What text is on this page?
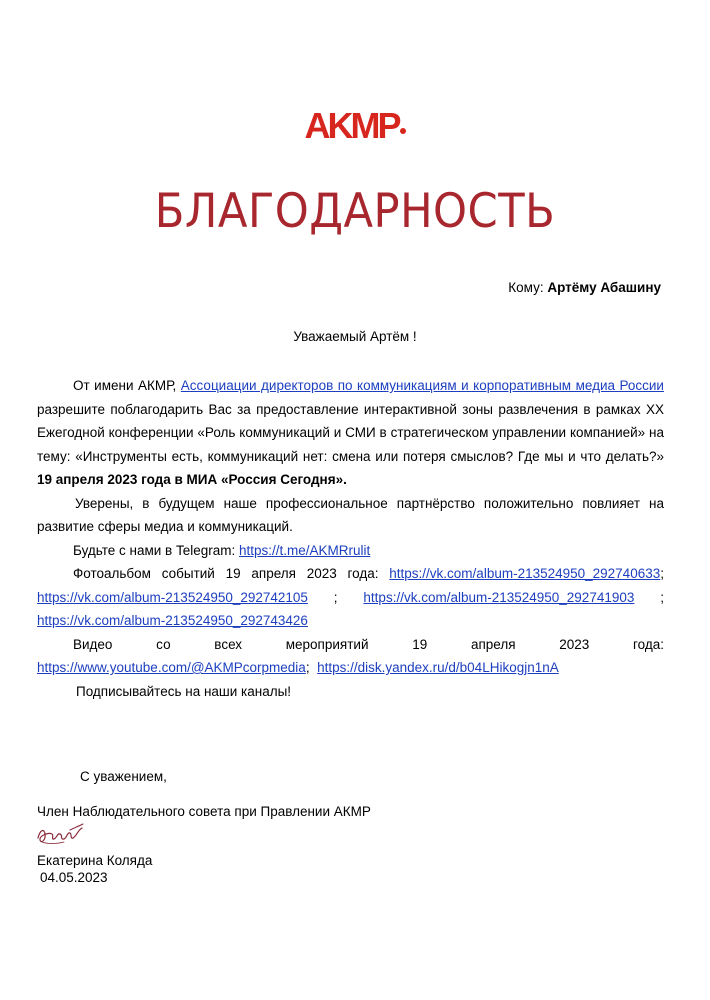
AKMP
БЛАГОДАРНОСТЬ
Кому: Артёму Абашину
Уважаемый Артём !

От имени АКМР, Ассоциации директоров по коммуникациям и корпоративным медиа России разрешите поблагодарить Вас за предоставление интерактивной зоны развлечения в рамках XX Ежегодной конференции «Роль коммуникаций и СМИ в стратегическом управлении компанией» на тему: «Инструменты есть, коммуникаций нет: смена или потеря смыслов? Где мы и что делать?» 19 апреля 2023 года в МИА «Россия Сегодня».

Уверены, в будущем наше профессиональное партнёрство положительно повлияет на развитие сферы медиа и коммуникаций.

Будьте с нами в Telegram: https://t.me/AKMRrulit

Фотоальбом событий 19 апреля 2023 года: https://vk.com/album-213524950_292740633; https://vk.com/album-213524950_292742105 ; https://vk.com/album-213524950_292741903 ; https://vk.com/album-213524950_292743426

Видео со всех мероприятий 19 апреля 2023 года:

https://www.youtube.com/@AKMPcorpmedia;  https://disk.yandex.ru/d/b04LHikogjn1nA

Подписывайтесь на наши каналы!

С уважением,
Член Наблюдательного совета при Правлении АКМР
Екатерина Коляда
04.05.2023
